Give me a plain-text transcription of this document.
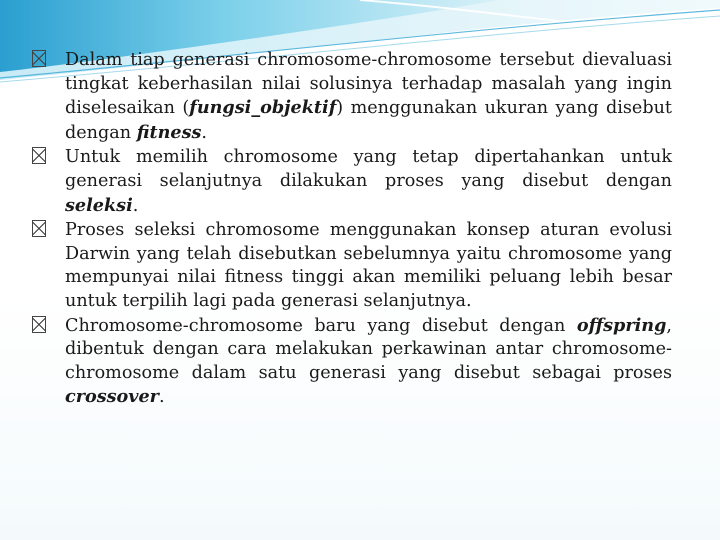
Dalam tiap generasi chromosome-chromosome tersebut dievaluasi tingkat keberhasilan nilai solusinya terhadap masalah yang ingin diselesaikan (fungsi_objektif) menggunakan ukuran yang disebut dengan fitness.

Untuk memilih chromosome yang tetap dipertahankan untuk generasi selanjutnya dilakukan proses yang disebut dengan seleksi.

Proses seleksi chromosome menggunakan konsep aturan evolusi Darwin yang telah disebutkan sebelumnya yaitu chromosome yang mempunyai nilai fitness tinggi akan memiliki peluang lebih besar untuk terpilih lagi pada generasi selanjutnya.

Chromosome-chromosome baru yang disebut dengan offspring, dibentuk dengan cara melakukan perkawinan antar chromosome-chromosome dalam satu generasi yang disebut sebagai proses crossover.
